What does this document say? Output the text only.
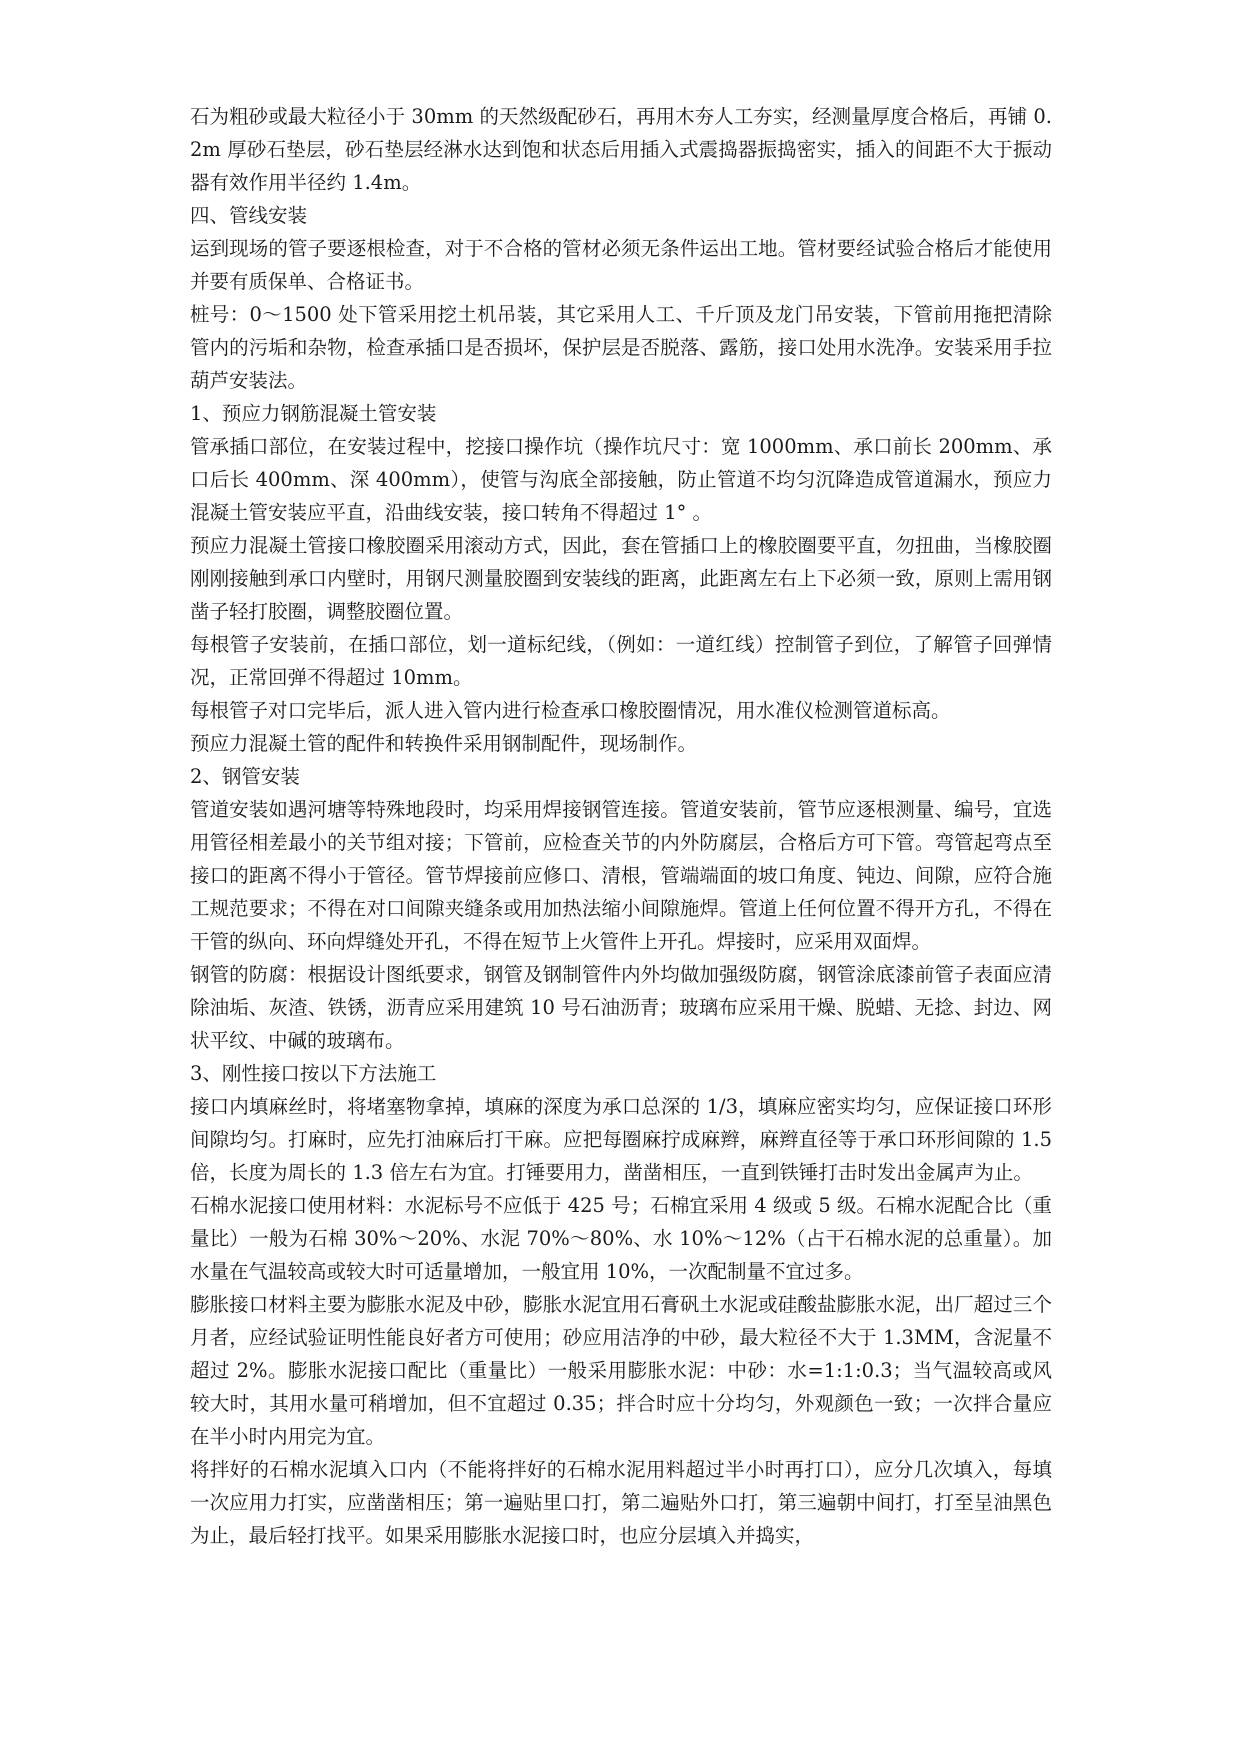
石为粗砂或最大粒径小于 30mm 的天然级配砂石，再用木夯人工夯实，经测量厚度合格后，再铺 0.2m 厚砂石垫层，砂石垫层经淋水达到饱和状态后用插入式震捣器振捣密实，插入的间距不大于振动器有效作用半径约 1.4m。

四、管线安装

运到现场的管子要逐根检查，对于不合格的管材必须无条件运出工地。管材要经试验合格后才能使用并要有质保单、合格证书。

桩号：0～1500 处下管采用挖土机吊装，其它采用人工、千斤顶及龙门吊安装，下管前用拖把清除管内的污垢和杂物，检查承插口是否损坏，保护层是否脱落、露筋，接口处用水洗净。安装采用手拉葫芦安装法。

1、预应力钢筋混凝土管安装

管承插口部位，在安装过程中，挖接口操作坑（操作坑尺寸：宽 1000mm、承口前长 200mm、承口后长 400mm、深 400mm），使管与沟底全部接触，防止管道不均匀沉降造成管道漏水，预应力混凝土管安装应平直，沿曲线安装，接口转角不得超过 1° 。

预应力混凝土管接口橡胶圈采用滚动方式，因此，套在管插口上的橡胶圈要平直，勿扭曲，当橡胶圈刚刚接触到承口内壁时，用钢尺测量胶圈到安装线的距离，此距离左右上下必须一致，原则上需用钢凿子轻打胶圈，调整胶圈位置。

每根管子安装前，在插口部位，划一道标纪线，（例如：一道红线）控制管子到位，了解管子回弹情况，正常回弹不得超过 10mm。

每根管子对口完毕后，派人进入管内进行检查承口橡胶圈情况，用水准仪检测管道标高。

预应力混凝土管的配件和转换件采用钢制配件，现场制作。

2、钢管安装

管道安装如遇河塘等特殊地段时，均采用焊接钢管连接。管道安装前，管节应逐根测量、编号，宜选用管径相差最小的关节组对接；下管前，应检查关节的内外防腐层，合格后方可下管。弯管起弯点至接口的距离不得小于管径。管节焊接前应修口、清根，管端端面的坡口角度、钝边、间隙，应符合施工规范要求；不得在对口间隙夹缝条或用加热法缩小间隙施焊。管道上任何位置不得开方孔，不得在干管的纵向、环向焊缝处开孔，不得在短节上火管件上开孔。焊接时，应采用双面焊。

钢管的防腐：根据设计图纸要求，钢管及钢制管件内外均做加强级防腐，钢管涂底漆前管子表面应清除油垢、灰渣、铁锈，沥青应采用建筑 10 号石油沥青；玻璃布应采用干燥、脱蜡、无捻、封边、网状平纹、中碱的玻璃布。

3、刚性接口按以下方法施工

接口内填麻丝时，将堵塞物拿掉，填麻的深度为承口总深的 1/3，填麻应密实均匀，应保证接口环形间隙均匀。打麻时，应先打油麻后打干麻。应把每圈麻拧成麻辫，麻辫直径等于承口环形间隙的 1.5 倍，长度为周长的 1.3 倍左右为宜。打锤要用力，凿凿相压，一直到铁锤打击时发出金属声为止。

石棉水泥接口使用材料：水泥标号不应低于 425 号；石棉宜采用 4 级或 5 级。石棉水泥配合比（重量比）一般为石棉 30%～20%、水泥 70%～80%、水 10%～12%（占干石棉水泥的总重量）。加水量在气温较高或较大时可适量增加，一般宜用 10%，一次配制量不宜过多。

膨胀接口材料主要为膨胀水泥及中砂，膨胀水泥宜用石膏矾土水泥或硅酸盐膨胀水泥，出厂超过三个月者，应经试验证明性能良好者方可使用；砂应用洁净的中砂，最大粒径不大于 1.3MM，含泥量不超过 2%。膨胀水泥接口配比（重量比）一般采用膨胀水泥：中砂：水=1:1:0.3；当气温较高或风较大时，其用水量可稍增加，但不宜超过 0.35；拌合时应十分均匀，外观颜色一致；一次拌合量应在半小时内用完为宜。

将拌好的石棉水泥填入口内（不能将拌好的石棉水泥用料超过半小时再打口），应分几次填入，每填一次应用力打实，应凿凿相压；第一遍贴里口打，第二遍贴外口打，第三遍朝中间打，打至呈油黑色为止，最后轻打找平。如果采用膨胀水泥接口时，也应分层填入并捣实，
